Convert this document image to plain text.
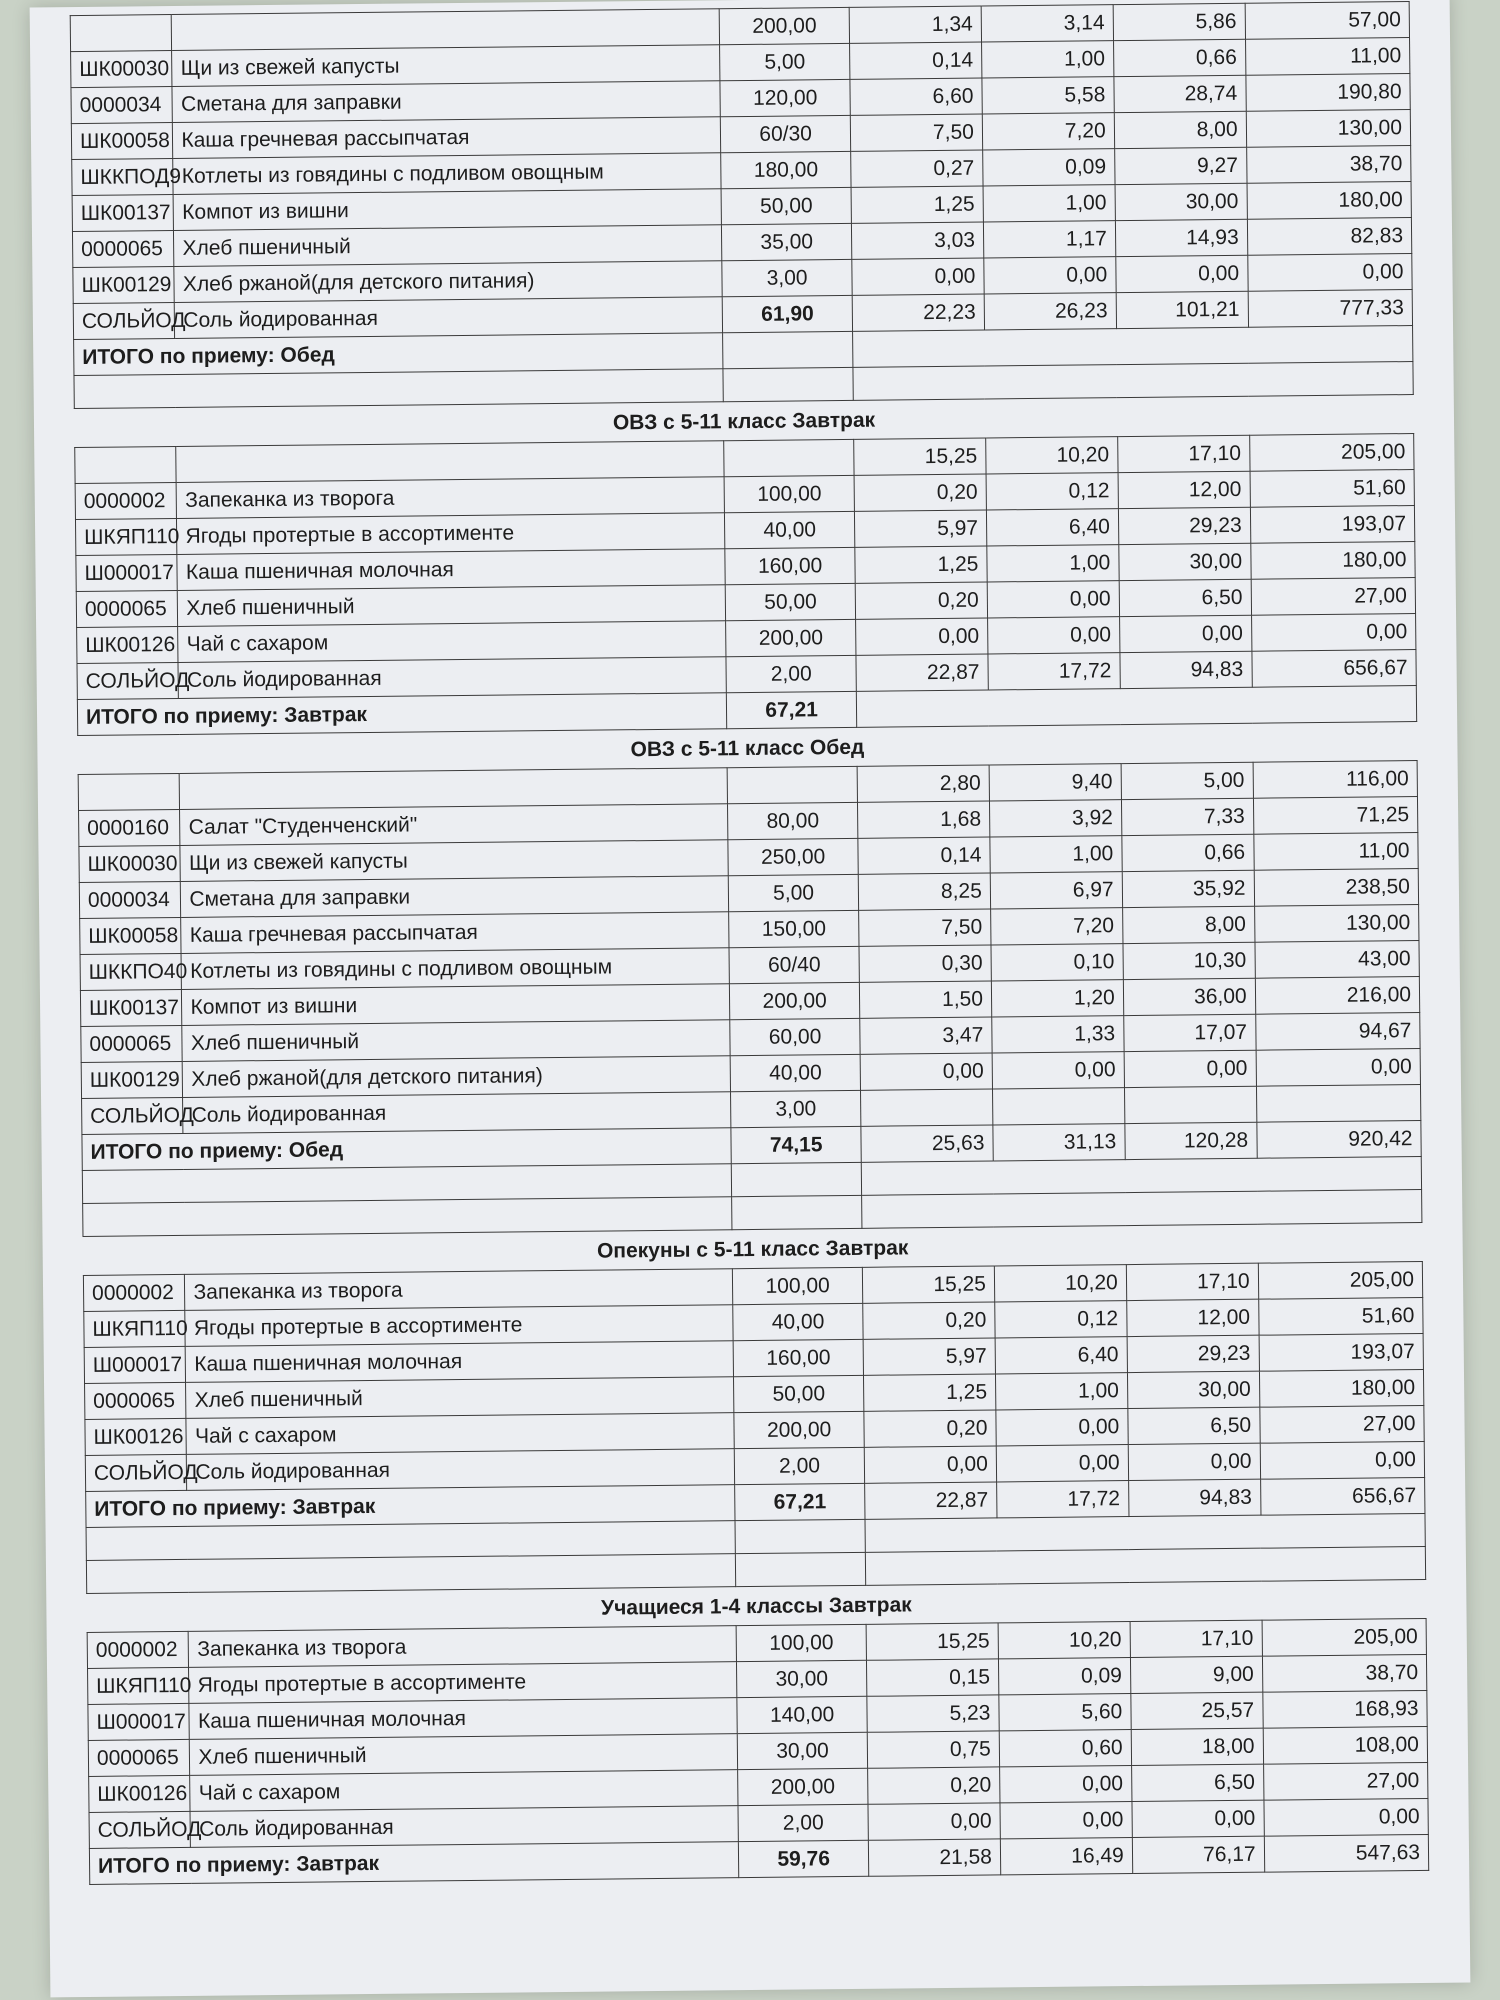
		200,00	1,34	3,14	5,86	57,00
ШК00030	Щи из свежей капусты	5,00	0,14	1,00	0,66	11,00
0000034	Сметана для заправки	120,00	6,60	5,58	28,74	190,80
ШК00058	Каша гречневая рассыпчатая	60/30	7,50	7,20	8,00	130,00
ШККПОД9	Котлеты из говядины с подливом овощным	180,00	0,27	0,09	9,27	38,70
ШК00137	Компот из вишни	50,00	1,25	1,00	30,00	180,00
0000065	Хлеб пшеничный	35,00	3,03	1,17	14,93	82,83
ШК00129	Хлеб ржаной(для детского питания)	3,00	0,00	0,00	0,00	0,00
СОЛЬЙОД	Соль йодированная	61,90	22,23	26,23	101,21	777,33
ИТОГО по приему: Обед						

ОВЗ с 5-11 класс Завтрак
			15,25	10,20	17,10	205,00
0000002	Запеканка из творога	100,00	0,20	0,12	12,00	51,60
ШКЯП110	Ягоды протертые в ассортименте	40,00	5,97	6,40	29,23	193,07
Ш000017	Каша пшеничная молочная	160,00	1,25	1,00	30,00	180,00
0000065	Хлеб пшеничный	50,00	0,20	0,00	6,50	27,00
ШК00126	Чай с сахаром	200,00	0,00	0,00	0,00	0,00
СОЛЬЙОД	Соль йодированная	2,00	22,87	17,72	94,83	656,67
ИТОГО по приему: Завтрак		67,21				
ОВЗ с 5-11 класс Обед
			2,80	9,40	5,00	116,00
0000160	Салат "Студенченский"	80,00	1,68	3,92	7,33	71,25
ШК00030	Щи из свежей капусты	250,00	0,14	1,00	0,66	11,00
0000034	Сметана для заправки	5,00	8,25	6,97	35,92	238,50
ШК00058	Каша гречневая рассыпчатая	150,00	7,50	7,20	8,00	130,00
ШККПО40	Котлеты из говядины с подливом овощным	60/40	0,30	0,10	10,30	43,00
ШК00137	Компот из вишни	200,00	1,50	1,20	36,00	216,00
0000065	Хлеб пшеничный	60,00	3,47	1,33	17,07	94,67
ШК00129	Хлеб ржаной(для детского питания)	40,00	0,00	0,00	0,00	0,00
СОЛЬЙОД	Соль йодированная	3,00				
ИТОГО по приему: Обед		74,15	25,63	31,13	120,28	920,42

Опекуны с 5-11 класс Завтрак
0000002	Запеканка из творога	100,00	15,25	10,20	17,10	205,00
ШКЯП110	Ягоды протертые в ассортименте	40,00	0,20	0,12	12,00	51,60
Ш000017	Каша пшеничная молочная	160,00	5,97	6,40	29,23	193,07
0000065	Хлеб пшеничный	50,00	1,25	1,00	30,00	180,00
ШК00126	Чай с сахаром	200,00	0,20	0,00	6,50	27,00
СОЛЬЙОД	Соль йодированная	2,00	0,00	0,00	0,00	0,00
ИТОГО по приему: Завтрак		67,21	22,87	17,72	94,83	656,67

Учащиеся 1-4 классы Завтрак
0000002	Запеканка из творога	100,00	15,25	10,20	17,10	205,00
ШКЯП110	Ягоды протертые в ассортименте	30,00	0,15	0,09	9,00	38,70
Ш000017	Каша пшеничная молочная	140,00	5,23	5,60	25,57	168,93
0000065	Хлеб пшеничный	30,00	0,75	0,60	18,00	108,00
ШК00126	Чай с сахаром	200,00	0,20	0,00	6,50	27,00
СОЛЬЙОД	Соль йодированная	2,00	0,00	0,00	0,00	0,00
ИТОГО по приему: Завтрак		59,76	21,58	16,49	76,17	547,63
